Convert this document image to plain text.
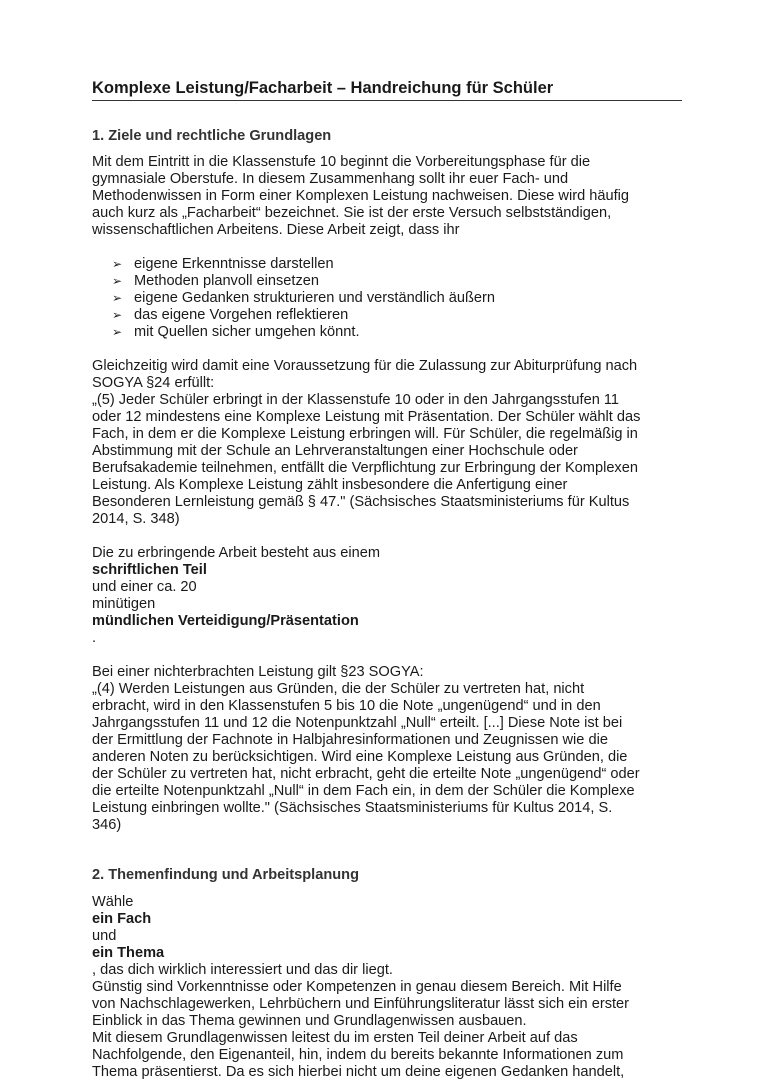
Komplexe Leistung/Facharbeit – Handreichung für Schüler
1. Ziele und rechtliche Grundlagen

Mit dem Eintritt in die Klassenstufe 10 beginnt die Vorbereitungsphase für die
gymnasiale Oberstufe. In diesem Zusammenhang sollt ihr euer Fach- und
Methodenwissen in Form einer Komplexen Leistung nachweisen. Diese wird häufig
auch kurz als „Facharbeit“ bezeichnet. Sie ist der erste Versuch selbstständigen,
wissenschaftlichen Arbeitens. Diese Arbeit zeigt, dass ihr

➢ eigene Erkenntnisse darstellen
➢ Methoden planvoll einsetzen
➢ eigene Gedanken strukturieren und verständlich äußern
➢ das eigene Vorgehen reflektieren
➢ mit Quellen sicher umgehen könnt.

Gleichzeitig wird damit eine Voraussetzung für die Zulassung zur Abiturprüfung nach
SOGYA §24 erfüllt:
„(5) Jeder Schüler erbringt in der Klassenstufe 10 oder in den Jahrgangsstufen 11
oder 12 mindestens eine Komplexe Leistung mit Präsentation. Der Schüler wählt das
Fach, in dem er die Komplexe Leistung erbringen will. Für Schüler, die regelmäßig in
Abstimmung mit der Schule an Lehrveranstaltungen einer Hochschule oder
Berufsakademie teilnehmen, entfällt die Verpflichtung zur Erbringung der Komplexen
Leistung. Als Komplexe Leistung zählt insbesondere die Anfertigung einer
Besonderen Lernleistung gemäß § 47." (Sächsisches Staatsministeriums für Kultus
2014, S. 348)

Die zu erbringende Arbeit besteht aus einem
schriftlichen Teil
und einer ca. 20
minütigen
mündlichen Verteidigung/Präsentation
.

Bei einer nichterbrachten Leistung gilt §23 SOGYA:
„(4) Werden Leistungen aus Gründen, die der Schüler zu vertreten hat, nicht
erbracht, wird in den Klassenstufen 5 bis 10 die Note „ungenügend“ und in den
Jahrgangsstufen 11 und 12 die Notenpunktzahl „Null“ erteilt. [...] Diese Note ist bei
der Ermittlung der Fachnote in Halbjahresinformationen und Zeugnissen wie die
anderen Noten zu berücksichtigen. Wird eine Komplexe Leistung aus Gründen, die
der Schüler zu vertreten hat, nicht erbracht, geht die erteilte Note „ungenügend“ oder
die erteilte Notenpunktzahl „Null“ in dem Fach ein, in dem der Schüler die Komplexe
Leistung einbringen wollte." (Sächsisches Staatsministeriums für Kultus 2014, S.
346)

2. Themenfindung und Arbeitsplanung

Wähle
ein Fach
und
ein Thema
, das dich wirklich interessiert und das dir liegt.
Günstig sind Vorkenntnisse oder Kompetenzen in genau diesem Bereich. Mit Hilfe
von Nachschlagewerken, Lehrbüchern und Einführungsliteratur lässt sich ein erster
Einblick in das Thema gewinnen und Grundlagenwissen ausbauen.
Mit diesem Grundlagenwissen leitest du im ersten Teil deiner Arbeit auf das
Nachfolgende, den Eigenanteil, hin, indem du bereits bekannte Informationen zum
Thema präsentierst. Da es sich hierbei nicht um deine eigenen Gedanken handelt,
